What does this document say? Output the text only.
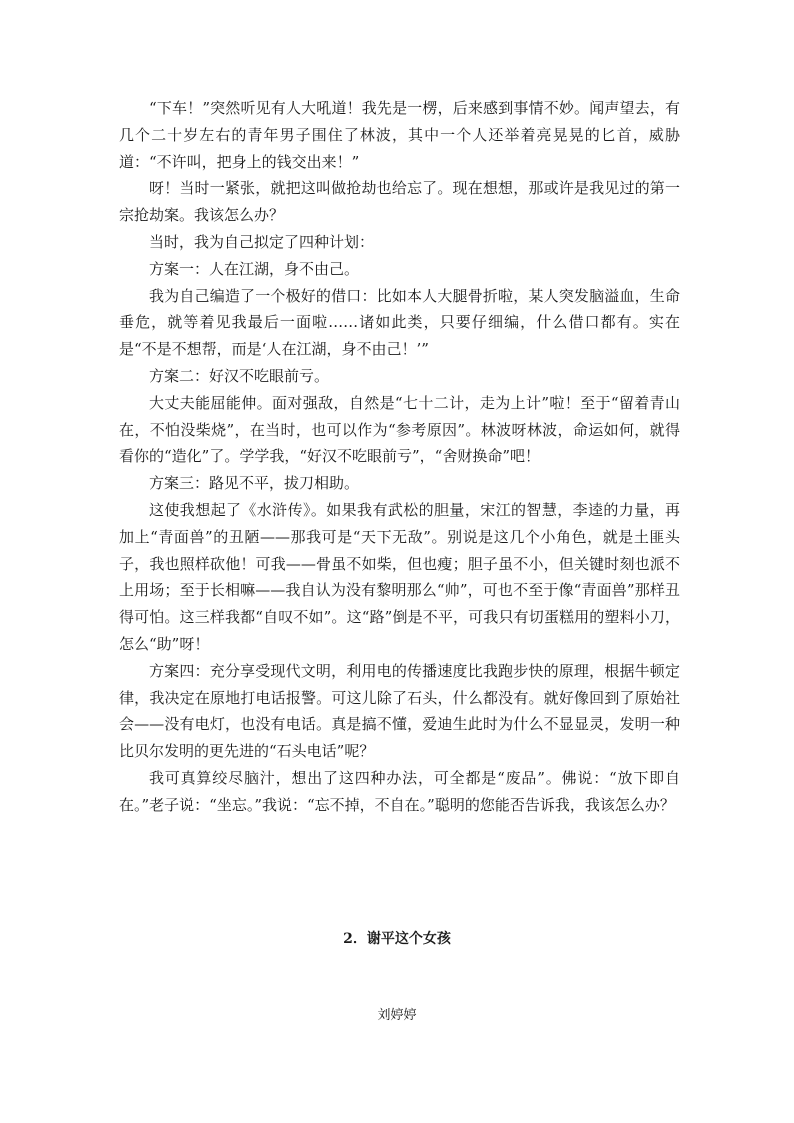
“下车！”突然听见有人大吼道！我先是一楞，后来感到事情不妙。闻声望去，有几个二十岁左右的青年男子围住了林波，其中一个人还举着亮晃晃的匕首，威胁道：“不许叫，把身上的钱交出来！”

呀！当时一紧张，就把这叫做抢劫也给忘了。现在想想，那或许是我见过的第一宗抢劫案。我该怎么办？

当时，我为自己拟定了四种计划：

方案一：人在江湖，身不由己。

我为自己编造了一个极好的借口：比如本人大腿骨折啦，某人突发脑溢血，生命垂危，就等着见我最后一面啦……诸如此类，只要仔细编，什么借口都有。实在是“不是不想帮，而是‘人在江湖，身不由己！’”

方案二：好汉不吃眼前亏。

大丈夫能屈能伸。面对强敌，自然是“七十二计，走为上计”啦！至于“留着青山在，不怕没柴烧”，在当时，也可以作为“参考原因”。林波呀林波，命运如何，就得看你的“造化”了。学学我，“好汉不吃眼前亏”，“舍财换命”吧！

方案三：路见不平，拔刀相助。

这使我想起了《水浒传》。如果我有武松的胆量，宋江的智慧，李逵的力量，再加上“青面兽”的丑陋——那我可是“天下无敌”。别说是这几个小角色，就是土匪头子，我也照样砍他！可我——骨虽不如柴，但也瘦；胆子虽不小，但关键时刻也派不上用场；至于长相嘛——我自认为没有黎明那么“帅”，可也不至于像“青面兽”那样丑得可怕。这三样我都“自叹不如”。这“路”倒是不平，可我只有切蛋糕用的塑料小刀，怎么“助”呀！

方案四：充分享受现代文明，利用电的传播速度比我跑步快的原理，根据牛顿定律，我决定在原地打电话报警。可这儿除了石头，什么都没有。就好像回到了原始社会——没有电灯，也没有电话。真是搞不懂，爱迪生此时为什么不显显灵，发明一种比贝尔发明的更先进的“石头电话”呢？

我可真算绞尽脑汁，想出了这四种办法，可全都是“废品”。佛说：“放下即自在。”老子说：“坐忘。”我说：“忘不掉，不自在。”聪明的您能否告诉我，我该怎么办？

2．谢平这个女孩
刘婷婷
